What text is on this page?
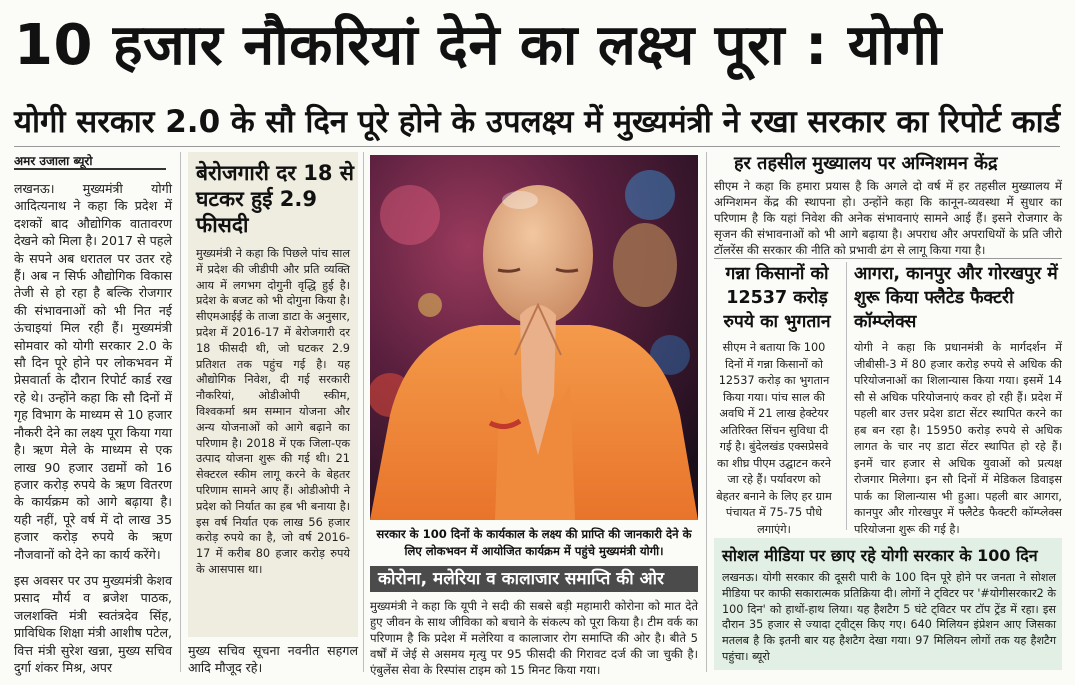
10 हजार नौकरियां देने का लक्ष्य पूरा : योगी
योगी सरकार 2.0 के सौ दिन पूरे होने के उपलक्ष्य में मुख्यमंत्री ने रखा सरकार का रिपोर्ट कार्ड
अमर उजाला ब्यूरो
लखनऊ। मुख्यमंत्री योगी आदित्यनाथ ने कहा कि प्रदेश में दशकों बाद औद्योगिक वातावरण देखने को मिला है। 2017 से पहले के सपने अब धरातल पर उतर रहे हैं। अब न सिर्फ औद्योगिक विकास तेजी से हो रहा है बल्कि रोजगार की संभावनाओं को भी नित नई ऊंचाइयां मिल रही हैं। मुख्यमंत्री सोमवार को योगी सरकार 2.0 के सौ दिन पूरे होने पर लोकभवन में प्रेसवार्ता के दौरान रिपोर्ट कार्ड रख रहे थे। उन्होंने कहा कि सौ दिनों में गृह विभाग के माध्यम से 10 हजार नौकरी देने का लक्ष्य पूरा किया गया है। ऋण मेले के माध्यम से एक लाख 90 हजार उद्यमों को 16 हजार करोड़ रुपये के ऋण वितरण के कार्यक्रम को आगे बढ़ाया है। यही नहीं, पूरे वर्ष में दो लाख 35 हजार करोड़ रुपये के ऋण नौजवानों को देने का कार्य करेंगे।
इस अवसर पर उप मुख्यमंत्री केशव प्रसाद मौर्य व ब्रजेश पाठक, जलशक्ति मंत्री स्वतंत्रदेव सिंह, प्राविधिक शिक्षा मंत्री आशीष पटेल, वित्त मंत्री सुरेश खन्ना, मुख्य सचिव दुर्गा शंकर मिश्र, अपर
बेरोजगारी दर 18 से घटकर हुई 2.9 फीसदी
मुख्यमंत्री ने कहा कि पिछले पांच साल में प्रदेश की जीडीपी और प्रति व्यक्ति आय में लगभग दोगुनी वृद्धि हुई है। प्रदेश के बजट को भी दोगुना किया है। सीएमआईई के ताजा डाटा के अनुसार, प्रदेश में 2016-17 में बेरोजगारी दर 18 फीसदी थी, जो घटकर 2.9 प्रतिशत तक पहुंच गई है। यह औद्योगिक निवेश, दी गई सरकारी नौकरियां, ओडीओपी स्कीम, विश्वकर्मा श्रम सम्मान योजना और अन्य योजनाओं को आगे बढ़ाने का परिणाम है। 2018 में एक जिला-एक उत्पाद योजना शुरू की गई थी। 21 सेक्टरल स्कीम लागू करने के बेहतर परिणाम सामने आए हैं। ओडीओपी ने प्रदेश को निर्यात का हब भी बनाया है। इस वर्ष निर्यात एक लाख 56 हजार करोड़ रुपये का है, जो वर्ष 2016-17 में करीब 80 हजार करोड़ रुपये के आसपास था।
मुख्य सचिव सूचना नवनीत सहगल आदि मौजूद रहे।
सरकार के 100 दिनों के कार्यकाल के लक्ष्य की प्राप्ति की जानकारी देने के लिए लोकभवन में आयोजित कार्यक्रम में पहुंचे मुख्यमंत्री योगी।
कोरोना, मलेरिया व कालाजार समाप्ति की ओर
मुख्यमंत्री ने कहा कि यूपी ने सदी की सबसे बड़ी महामारी कोरोना को मात देते हुए जीवन के साथ जीविका को बचाने के संकल्प को पूरा किया है। टीम वर्क का परिणाम है कि प्रदेश में मलेरिया व कालाजार रोग समाप्ति की ओर है। बीते 5 वर्षों में जेई से असमय मृत्यु पर 95 फीसदी की गिरावट दर्ज की जा चुकी है। एंबुलेंस सेवा के रिस्पांस टाइम को 15 मिनट किया गया।
हर तहसील मुख्यालय पर अग्निशमन केंद्र
सीएम ने कहा कि हमारा प्रयास है कि अगले दो वर्ष में हर तहसील मुख्यालय में अग्निशमन केंद्र की स्थापना हो। उन्होंने कहा कि कानून-व्यवस्था में सुधार का परिणाम है कि यहां निवेश की अनेक संभावनाएं सामने आई हैं। इसने रोजगार के सृजन की संभावनाओं को भी आगे बढ़ाया है। अपराध और अपराधियों के प्रति जीरो टॉलरेंस की सरकार की नीति को प्रभावी ढंग से लागू किया गया है।
गन्ना किसानों को 12537 करोड़ रुपये का भुगतान
सीएम ने बताया कि 100 दिनों में गन्ना किसानों को 12537 करोड़ का भुगतान किया गया। पांच साल की अवधि में 21 लाख हेक्टेयर अतिरिक्त सिंचन सुविधा दी गई है। बुंदेलखंड एक्सप्रेसवे का शीघ्र पीएम उद्घाटन करने जा रहे हैं। पर्यावरण को बेहतर बनाने के लिए हर ग्राम पंचायत में 75-75 पौधे लगाएंगे।
आगरा, कानपुर और गोरखपुर में शुरू किया फ्लैटेड फैक्टरी कॉम्प्लेक्स
योगी ने कहा कि प्रधानमंत्री के मार्गदर्शन में जीबीसी-3 में 80 हजार करोड़ रुपये से अधिक की परियोजनाओं का शिलान्यास किया गया। इसमें 14 सौ से अधिक परियोजनाएं कवर हो रही हैं। प्रदेश में पहली बार उत्तर प्रदेश डाटा सेंटर स्थापित करने का हब बन रहा है। 15950 करोड़ रुपये से अधिक लागत के चार नए डाटा सेंटर स्थापित हो रहे हैं। इनमें चार हजार से अधिक युवाओं को प्रत्यक्ष रोजगार मिलेगा। इन सौ दिनों में मेडिकल डिवाइस पार्क का शिलान्यास भी हुआ। पहली बार आगरा, कानपुर और गोरखपुर में फ्लैटेड फैक्टरी कॉम्प्लेक्स परियोजना शुरू की गई है।
सोशल मीडिया पर छाए रहे योगी सरकार के 100 दिन
लखनऊ। योगी सरकार की दूसरी पारी के 100 दिन पूरे होने पर जनता ने सोशल मीडिया पर काफी सकारात्मक प्रतिक्रिया दी। लोगों ने ट्विटर पर '#योगीसरकार2 के 100 दिन' को हाथों-हाथ लिया। यह हैशटैग 5 घंटे ट्विटर पर टॉप ट्रेंड में रहा। इस दौरान 35 हजार से ज्यादा ट्वीट्स किए गए। 640 मिलियन इंप्रेशन आए जिसका मतलब है कि इतनी बार यह हैशटैग देखा गया। 97 मिलियन लोगों तक यह हैशटैग पहुंचा। ब्यूरो
